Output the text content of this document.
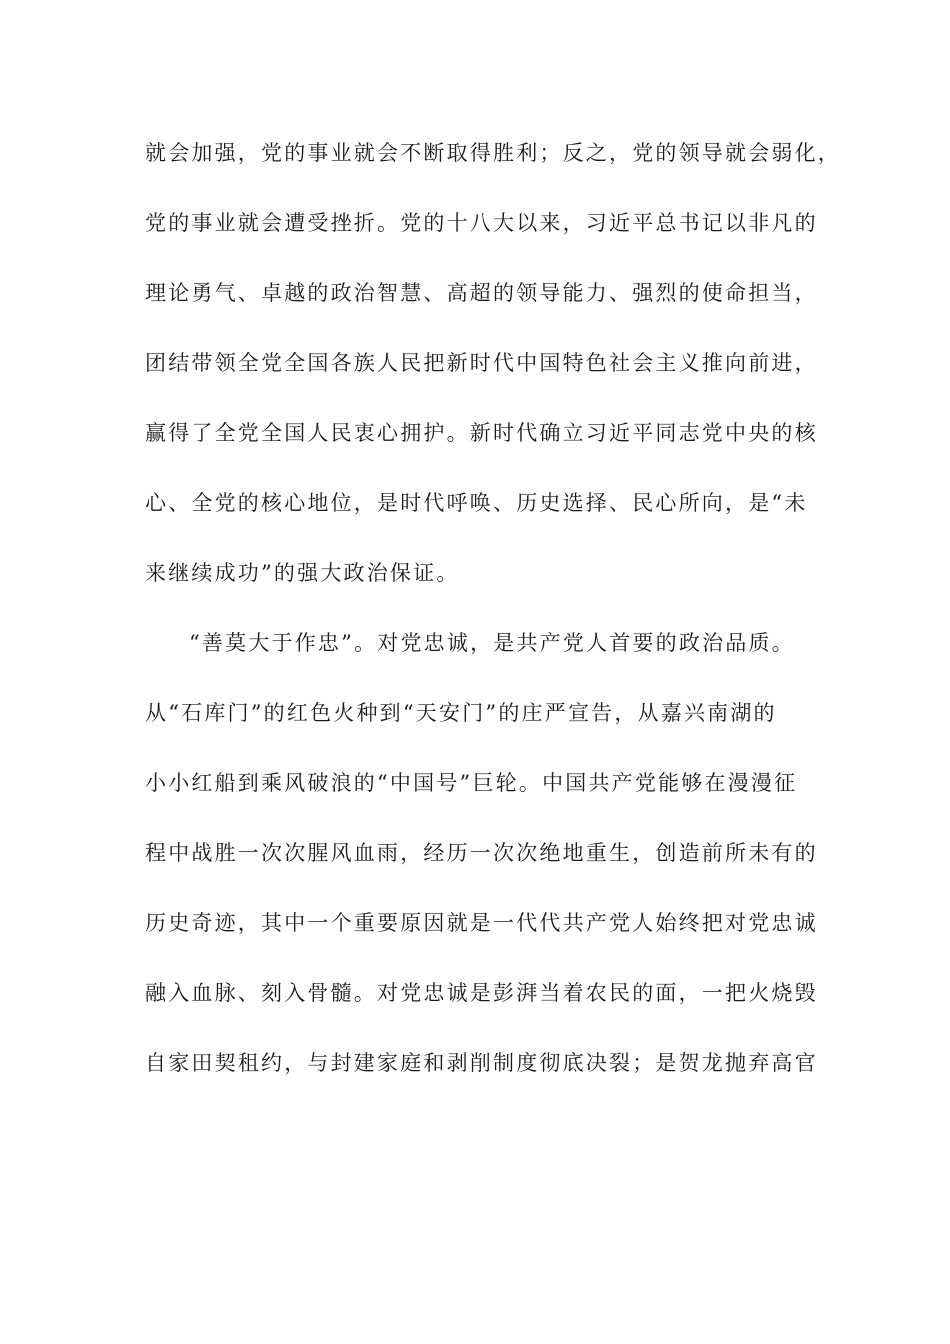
就会加强，党的事业就会不断取得胜利；反之，党的领导就会弱化，
党的事业就会遭受挫折。党的十八大以来，习近平总书记以非凡的
理论勇气、卓越的政治智慧、高超的领导能力、强烈的使命担当，
团结带领全党全国各族人民把新时代中国特色社会主义推向前进，
赢得了全党全国人民衷心拥护。新时代确立习近平同志党中央的核
心、全党的核心地位，是时代呼唤、历史选择、民心所向，是“未
来继续成功”的强大政治保证。
“善莫大于作忠”。对党忠诚，是共产党人首要的政治品质。
从“石库门”的红色火种到“天安门”的庄严宣告，从嘉兴南湖的
小小红船到乘风破浪的“中国号”巨轮。中国共产党能够在漫漫征
程中战胜一次次腥风血雨，经历一次次绝地重生，创造前所未有的
历史奇迹，其中一个重要原因就是一代代共产党人始终把对党忠诚
融入血脉、刻入骨髓。对党忠诚是彭湃当着农民的面，一把火烧毁
自家田契租约，与封建家庭和剥削制度彻底决裂；是贺龙抛弃高官
